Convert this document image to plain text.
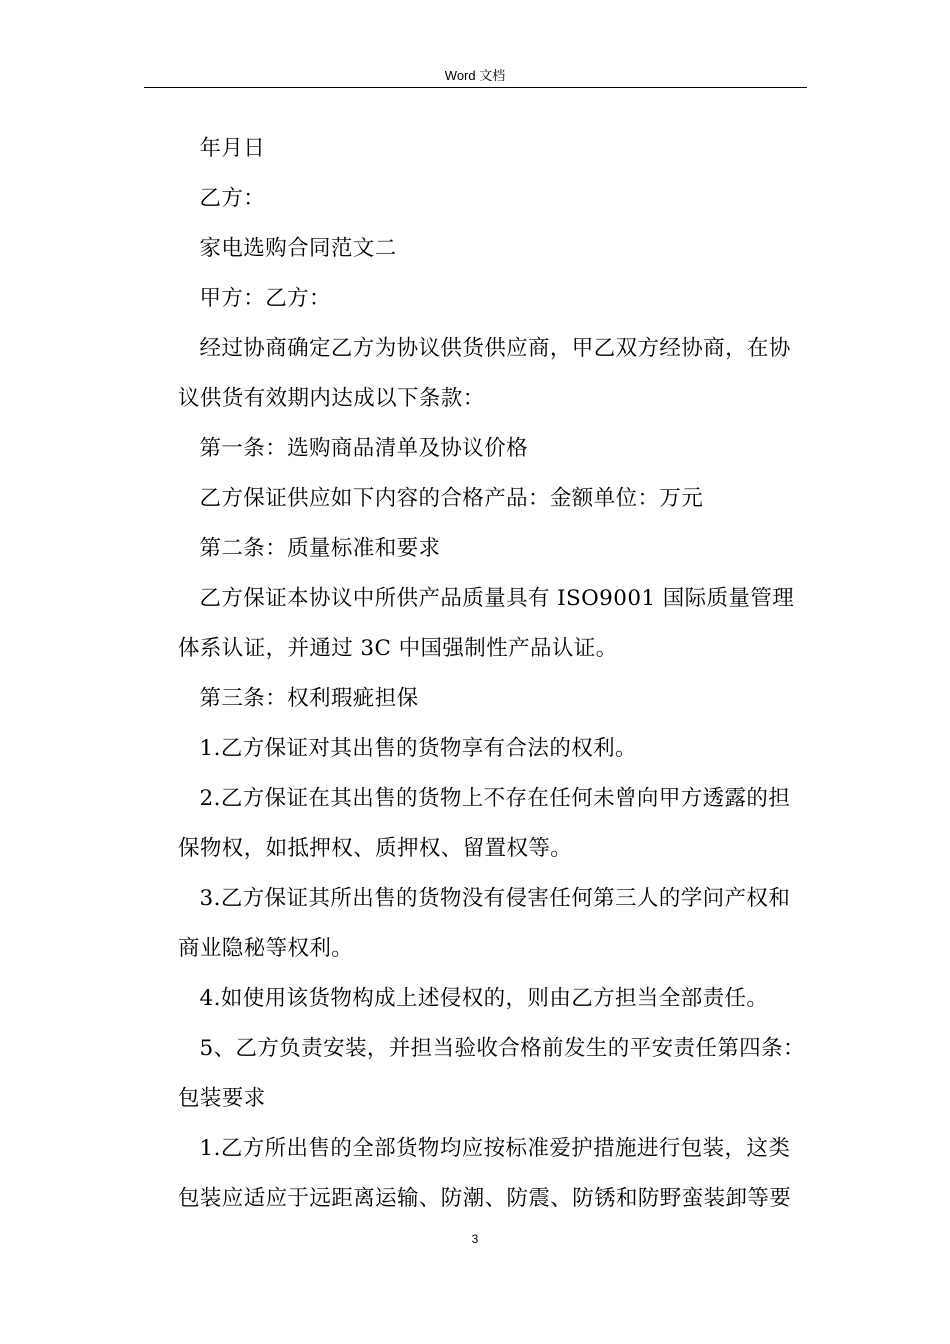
Word 文档

年月日

乙方：

家电选购合同范文二

甲方：乙方：

经过协商确定乙方为协议供货供应商，甲乙双方经协商，在协议供货有效期内达成以下条款：

第一条：选购商品清单及协议价格

乙方保证供应如下内容的合格产品：金额单位：万元

第二条：质量标准和要求

乙方保证本协议中所供产品质量具有 ISO9001 国际质量管理体系认证，并通过 3C 中国强制性产品认证。

第三条：权利瑕疵担保

1.乙方保证对其出售的货物享有合法的权利。

2.乙方保证在其出售的货物上不存在任何未曾向甲方透露的担保物权，如抵押权、质押权、留置权等。

3.乙方保证其所出售的货物没有侵害任何第三人的学问产权和商业隐秘等权利。

4.如使用该货物构成上述侵权的，则由乙方担当全部责任。

5、乙方负责安装，并担当验收合格前发生的平安责任第四条：包装要求

1.乙方所出售的全部货物均应按标准爱护措施进行包装，这类包装应适应于远距离运输、防潮、防震、防锈和防野蛮装卸等要

3
